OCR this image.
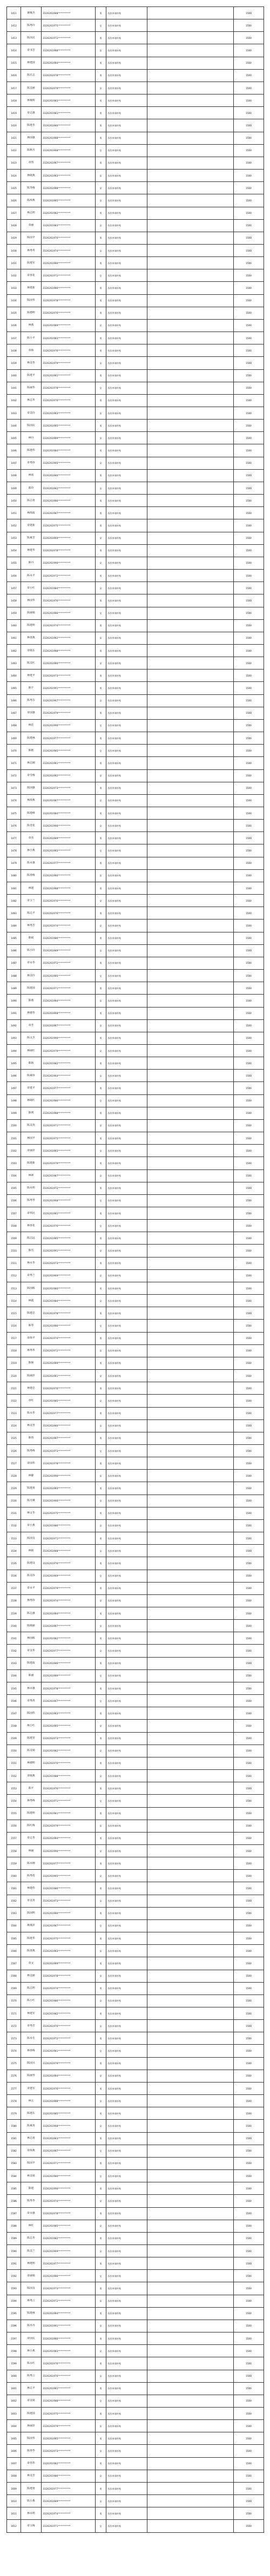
1411	谢俊杰	3326261988**********	男	首次申请补贴		1500
1412	陈秀玲	3326261975**********	女	首次申请补贴		1500
1413	陈泽民	3326261972**********	男	首次申请补贴		1500
1414	章书芳	3326261988**********	女	首次申请补贴		1500
1415	林建国	3326261984**********	男	首次申请补贴		1500
1416	陈宏志	3326261978**********	男	首次申请补贴		1500
1417	陈美丽	3326261979**********	女	首次申请补贴		1500
1418	林俊辉	3326261983**********	男	首次申请补贴		1500
1419	章志强	3326261981**********	男	首次申请补贴		1500
1420	陈建华	3326261980**********	男	首次申请补贴		1500
1421	林国强	3326261988**********	男	首次申请补贴		1500
1422	陈秋月	3326261968**********	女	首次申请补贴		1500
1423	章伟	3326261987**********	男	首次申请补贴		1500
1424	林晓燕	3326261983**********	女	首次申请补贴		1500
1425	陈冬梅	3326261988**********	女	首次申请补贴		1500
1426	陈海燕	3326261985**********	女	首次申请补贴		1500
1427	林志明	3326261982**********	男	首次申请补贴		1500
1428	章丽	3326261983**********	女	首次申请补贴		1500
1429	陈国平	3326261970**********	男	首次申请补贴		1500
1430	林秀英	3326261974**********	女	首次申请补贴		1500
1431	陈建军	3326261980**********	男	首次申请补贴		1500
1432	章春花	3326261972**********	女	首次申请补贴		1500
1433	林建新	3326261986**********	男	首次申请补贴		1500
1434	陈国华	3326261978**********	男	首次申请补贴		1500
1435	陈德明	3326261976**********	男	首次申请补贴		1500
1436	林燕	3326261989**********	女	首次申请补贴		1500
1437	陈小平	3326261983**********	男	首次申请补贴		1500
1438	章海	3326261976**********	男	首次申请补贴		1500
1439	林美华	3326261979**********	女	首次申请补贴		1500
1440	陈建平	3326261981**********	男	首次申请补贴		1500
1441	陈丽华	3326261978**********	女	首次申请补贴		1500
1442	林志华	3326261970**********	男	首次申请补贴		1500
1443	章美玲	3326261983**********	女	首次申请补贴		1500
1444	陈国庆	3326261985**********	男	首次申请补贴		1500
1445	林丹	3326261989**********	女	首次申请补贴		1500
1446	陈建伟	3326261984**********	男	首次申请补贴		1500
1447	章秀珍	3326261965**********	女	首次申请补贴		1500
1448	林勇	3326261980**********	男	首次申请补贴		1500
1449	陈玲	3326261982**********	女	首次申请补贴		1500
1450	陈志勇	3326261986**********	男	首次申请补贴		1500
1451	林海波	3326261987**********	男	首次申请补贴		1500
1452	章建新	3326261975**********	男	首次申请补贴		1500
1453	陈素芳	3326261969**********	女	首次申请补贴		1500
1454	林建华	3326261978**********	男	首次申请补贴		1500
1455	陈丹	3326261990**********	女	首次申请补贴		1500
1456	陈永平	3326261972**********	男	首次申请补贴		1500
1457	章小红	3326261984**********	女	首次申请补贴		1500
1458	林国华	3326261976**********	男	首次申请补贴		1500
1459	陈丽娟	3326261986**********	女	首次申请补贴		1500
1460	陈建明	3326261974**********	男	首次申请补贴		1500
1461	林春燕	3326261982**********	女	首次申请补贴		1500
1462	章晓东	3326261988**********	男	首次申请补贴		1500
1463	陈美红	3326261980**********	女	首次申请补贴		1500
1464	林建平	3326261973**********	男	首次申请补贴		1500
1465	陈宇	3326261991**********	男	首次申请补贴		1500
1466	陈秀芬	3326261967**********	女	首次申请补贴		1500
1467	章国强	3326261979**********	男	首次申请补贴		1500
1468	林佳	3326261990**********	女	首次申请补贴		1500
1469	陈建林	3326261977**********	男	首次申请补贴		1500
1470	陈艳	3326261985**********	女	首次申请补贴		1500
1471	林志刚	3326261981**********	男	首次申请补贴		1500
1472	章雪梅	3326261982**********	女	首次申请补贴		1500
1473	陈国强	3326261973**********	男	首次申请补贴		1500
1474	林海燕	3326261987**********	女	首次申请补贴		1500
1475	陈建峰	3326261984**********	男	首次申请补贴		1500
1476	陈金花	3326261966**********	女	首次申请补贴		1500
1477	章杰	3326261989**********	男	首次申请补贴		1500
1478	林小燕	3326261983**********	女	首次申请补贴		1500
1479	陈永强	3326261977**********	男	首次申请补贴		1500
1480	陈春梅	3326261980**********	女	首次申请补贴		1500
1481	林建	3326261988**********	男	首次申请补贴		1500
1482	章玉兰	3326261970**********	女	首次申请补贴		1500
1483	陈志平	3326261976**********	男	首次申请补贴		1500
1484	林秀芳	3326261974**********	女	首次申请补贴		1500
1485	陈斌	3326261986**********	男	首次申请补贴		1500
1486	陈小玲	3326261989**********	女	首次申请补贴		1500
1487	章永华	3326261972**********	男	首次申请补贴		1500
1488	林美玲	3326261985**********	女	首次申请补贴		1500
1489	陈建国	3326261971**********	男	首次申请补贴		1500
1490	陈燕	3326261984**********	女	首次申请补贴		1500
1491	林德华	3326261968**********	男	首次申请补贴		1500
1492	章芳	3326261987**********	女	首次申请补贴		1500
1493	陈文杰	3326261990**********	男	首次申请补贴		1500
1494	林丽红	3326261979**********	女	首次申请补贴		1500
1495	陈海	3326261982**********	男	首次申请补贴		1500
1496	陈素珍	3326261964**********	女	首次申请补贴		1500
1497	章建平	3326261977**********	男	首次申请补贴		1500
1498	林晓红	3326261986**********	女	首次申请补贴		1500
1499	陈明	3326261988**********	男	首次申请补贴		1500
1500	陈美英	3326261971**********	女	首次申请补贴		1500
1501	林国平	3326261975**********	男	首次申请补贴		1500
1502	章丽萍	3326261983**********	女	首次申请补贴		1500
1503	陈建新	3326261979**********	男	首次申请补贴		1500
1504	林翠	3326261987**********	女	首次申请补贴		1500
1505	陈永明	3326261972**********	男	首次申请补贴		1500
1506	陈秀琴	3326261968**********	女	首次申请补贴		1500
1507	章伟民	3326261981**********	男	首次申请补贴		1500
1508	林春花	3326261976**********	女	首次申请补贴		1500
1509	陈志远	3326261985**********	男	首次申请补贴		1500
1510	陈雪	3326261991**********	女	首次申请补贴		1500
1511	林永华	3326261973**********	男	首次申请补贴		1500
1512	章秀兰	3326261969**********	女	首次申请补贴		1500
1513	陈国栋	3326261980**********	男	首次申请补贴		1500
1514	林霞	3326261984**********	女	首次申请补贴		1500
1515	陈建忠	3326261978**********	男	首次申请补贴		1500
1516	陈琴	3326261986**********	女	首次申请补贴		1500
1517	章海平	3326261974**********	男	首次申请补贴		1500
1518	林秀华	3326261972**********	女	首次申请补贴		1500
1519	陈俊	3326261989**********	男	首次申请补贴		1500
1520	陈丽萍	3326261981**********	女	首次申请补贴		1500
1521	林建忠	3326261970**********	男	首次申请补贴		1500
1522	章红	3326261985**********	女	首次申请补贴		1500
1523	陈永华	3326261977**********	男	首次申请补贴		1500
1524	林美琴	3326261980**********	女	首次申请补贴		1500
1525	陈伟	3326261987**********	男	首次申请补贴		1500
1526	陈秀梅	3326261973**********	女	首次申请补贴		1500
1527	章国华	3326261978**********	男	首次申请补贴		1500
1528	林静	3326261990**********	女	首次申请补贴		1500
1529	陈建勇	3326261983**********	男	首次申请补贴		1500
1530	陈月娥	3326261966**********	女	首次申请补贴		1500
1531	林文华	3326261975**********	男	首次申请补贴		1500
1532	章小燕	3326261986**********	女	首次申请补贴		1500
1533	陈国良	3326261971**********	男	首次申请补贴		1500
1534	林娟	3326261988**********	女	首次申请补贴		1500
1535	陈建设	3326261976**********	男	首次申请补贴		1500
1536	陈美珍	3326261969**********	女	首次申请补贴		1500
1537	章永平	3326261979**********	男	首次申请补贴		1500
1538	林秀珍	3326261974**********	女	首次申请补贴		1500
1539	陈志强	3326261984**********	男	首次申请补贴		1500
1540	陈晓丽	3326261987**********	女	首次申请补贴		1500
1541	林国栋	3326261982**********	男	首次申请补贴		1500
1542	章美华	3326261977**********	女	首次申请补贴		1500
1543	陈建波	3326261986**********	男	首次申请补贴		1500
1544	陈丽	3326261989**********	女	首次申请补贴		1500
1545	林永强	3326261978**********	男	首次申请补贴		1500
1546	章秀英	3326261967**********	女	首次申请补贴		1500
1547	陈国伟	3326261983**********	男	首次申请补贴		1500
1548	林小红	3326261985**********	女	首次申请补贴		1500
1549	陈建荣	3326261973**********	男	首次申请补贴		1500
1550	陈美娟	3326261982**********	女	首次申请补贴		1500
1551	林德明	3326261970**********	男	首次申请补贴		1500
1552	章晓燕	3326261988**********	女	首次申请补贴		1500
1553	陈平	3326261976**********	男	首次申请补贴		1500
1554	林秀梅	3326261971**********	女	首次申请补贴		1500
1555	陈建明	3326261981**********	男	首次申请补贴		1500
1556	陈红梅	3326261979**********	女	首次申请补贴		1500
1557	章志华	3326261984**********	男	首次申请补贴		1500
1558	林丽	3326261990**********	女	首次申请补贴		1500
1559	陈永刚	3326261977**********	男	首次申请补贴		1500
1560	陈秀莲	3326261965**********	女	首次申请补贴		1500
1561	林建伟	3326261986**********	男	首次申请补贴		1500
1562	章美英	3326261973**********	女	首次申请补贴		1500
1563	陈国明	3326261980**********	男	首次申请补贴		1500
1564	林燕萍	3326261987**********	女	首次申请补贴		1500
1565	陈建华	3326261975**********	男	首次申请补贴		1500
1566	陈春燕	3326261983**********	女	首次申请补贴		1500
1567	章文	3326261989**********	男	首次申请补贴		1500
1568	林美丽	3326261978**********	女	首次申请补贴		1500
1569	陈志明	3326261974**********	男	首次申请补贴		1500
1570	陈小红	3326261986**********	女	首次申请补贴		1500
1571	林建军	3326261982**********	男	首次申请补贴		1500
1572	章秀芳	3326261970**********	女	首次申请补贴		1500
1573	陈永生	3326261972**********	男	首次申请补贴		1500
1574	林春梅	3326261981**********	女	首次申请补贴		1500
1575	陈国兴	3326261979**********	男	首次申请补贴		1500
1576	陈丽琴	3326261984**********	女	首次申请补贴		1500
1577	章建军	3326261976**********	男	首次申请补贴		1500
1578	林玉	3326261988**********	女	首次申请补贴		1500
1579	陈建东	3326261985**********	男	首次申请补贴		1500
1580	陈素英	3326261968**********	女	首次申请补贴		1500
1581	林志勇	3326261983**********	男	首次申请补贴		1500
1582	章海燕	3326261987**********	女	首次申请补贴		1500
1583	陈国平	3326261971**********	男	首次申请补贴		1500
1584	林美娟	3326261980**********	女	首次申请补贴		1500
1585	陈建	3326261990**********	男	首次申请补贴		1500
1586	陈秀华	3326261974**********	女	首次申请补贴		1500
1587	章永强	3326261978**********	男	首次申请补贴		1500
1588	林红	3326261985**********	女	首次申请补贴		1500
1589	陈志华	3326261982**********	男	首次申请补贴		1500
1590	陈美兰	3326261969**********	女	首次申请补贴		1500
1591	林建明	3326261977**********	男	首次申请补贴		1500
1592	章丽娟	3326261986**********	女	首次申请补贴		1500
1593	陈国良	3326261973**********	男	首次申请补贴		1500
1594	林秀云	3326261972**********	女	首次申请补贴		1500
1595	陈建林	3326261984**********	男	首次申请补贴		1500
1596	陈丹丹	3326261991**********	女	首次申请补贴		1500
1597	章国庆	3326261980**********	男	首次申请补贴		1500
1598	林小燕	3326261983**********	女	首次申请补贴		1500
1599	陈永红	3326261976**********	男	首次申请补贴		1500
1600	陈秀云	3326261970**********	女	首次申请补贴		1500
1601	林志平	3326261981**********	男	首次申请补贴		1500
1602	章美娟	3326261988**********	女	首次申请补贴		1500
1603	陈建国	3326261975**********	男	首次申请补贴		1500
1604	林丽萍	3326261979**********	女	首次申请补贴		1500
1605	陈国华	3326261985**********	男	首次申请补贴		1500
1606	陈春华	3326261973**********	女	首次申请补贴		1500
1607	章伟华	3326261982**********	男	首次申请补贴		1500
1608	林美芳	3326261986**********	女	首次申请补贴		1500
1609	陈建勇	3326261977**********	男	首次申请补贴		1500
1610	陈小燕	3326261989**********	女	首次申请补贴		1500
1611	林永明	3326261974**********	男	首次申请补贴		1500
1612	章玉梅	3326261971**********	女	首次申请补贴		1500
